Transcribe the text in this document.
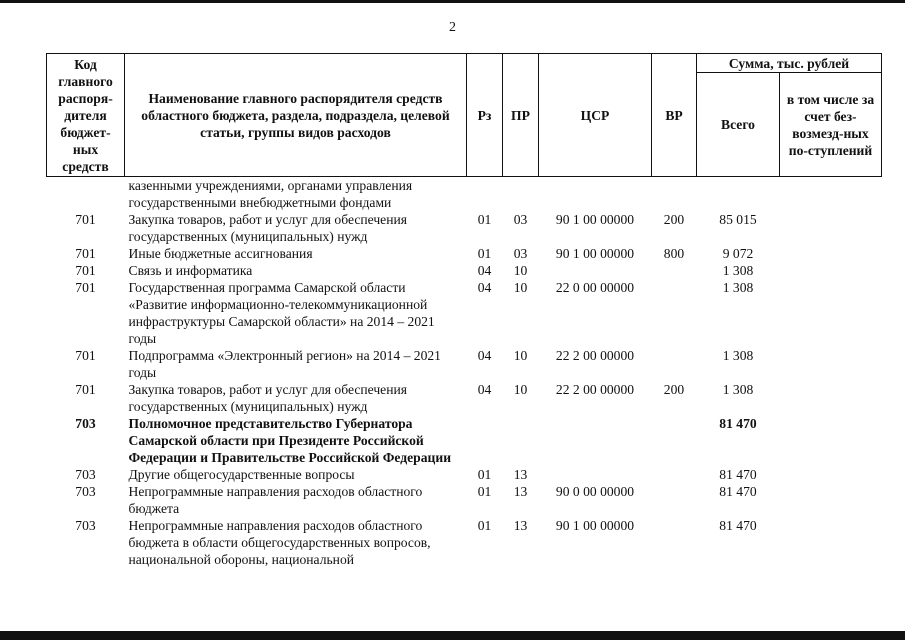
2
Код главного распоря-дителя бюджет-ных средств	Наименование главного распорядителя средств областного бюджета, раздела, подраздела, целевой статьи, группы видов расходов	Рз	ПР	ЦСР	ВР	Сумма, тыс. рублей	
						Всего	в том числе за счет без-возмезд-ных по-ступлений
	казенными учреждениями, органами управления государственными внебюджетными фондами						
701	Закупка товаров, работ и услуг для обеспечения государственных (муниципальных) нужд	01	03	90 1 00 00000	200	85 015	
701	Иные бюджетные ассигнования	01	03	90 1 00 00000	800	9 072	
701	Связь и информатика	04	10			1 308	
701	Государственная программа Самарской области «Развитие информационно-телекоммуникационной инфраструктуры Самарской области» на 2014 – 2021 годы	04	10	22 0 00 00000		1 308	
701	Подпрограмма «Электронный регион» на 2014 – 2021 годы	04	10	22 2 00 00000		1 308	
701	Закупка товаров, работ и услуг для обеспечения государственных (муниципальных) нужд	04	10	22 2 00 00000	200	1 308	
703	Полномочное представительство Губернатора Самарской области при Президенте Российской Федерации и Правительстве Российской Федерации					81 470	
703	Другие общегосударственные вопросы	01	13			81 470	
703	Непрограммные направления расходов областного бюджета	01	13	90 0 00 00000		81 470	
703	Непрограммные направления расходов областного бюджета в области общегосударственных вопросов, национальной обороны, национальной	01	13	90 1 00 00000		81 470	
